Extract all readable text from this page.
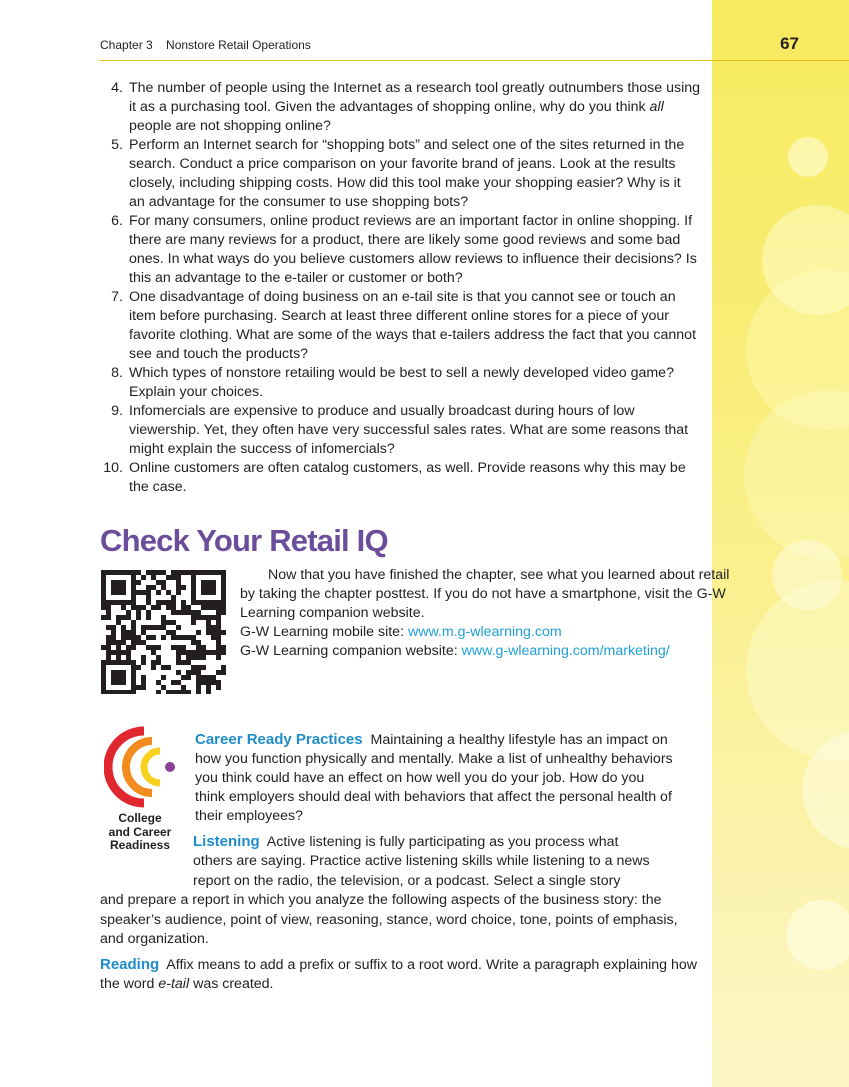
Chapter 3 Nonstore Retail Operations	67
4. The number of people using the Internet as a research tool greatly outnumbers those using it as a purchasing tool. Given the advantages of shopping online, why do you think all people are not shopping online?
5. Perform an Internet search for “shopping bots” and select one of the sites returned in the search. Conduct a price comparison on your favorite brand of jeans. Look at the results closely, including shipping costs. How did this tool make your shopping easier? Why is it an advantage for the consumer to use shopping bots?
6. For many consumers, online product reviews are an important factor in online shopping. If there are many reviews for a product, there are likely some good reviews and some bad ones. In what ways do you believe customers allow reviews to influence their decisions? Is this an advantage to the e-tailer or customer or both?
7. One disadvantage of doing business on an e-tail site is that you cannot see or touch an item before purchasing. Search at least three different online stores for a piece of your favorite clothing. What are some of the ways that e-tailers address the fact that you cannot see and touch the products?
8. Which types of nonstore retailing would be best to sell a newly developed video game? Explain your choices.
9. Infomercials are expensive to produce and usually broadcast during hours of low viewership. Yet, they often have very successful sales rates. What are some reasons that might explain the success of infomercials?
10. Online customers are often catalog customers, as well. Provide reasons why this may be the case.
Check Your Retail IQ

Now that you have finished the chapter, see what you learned about retail by taking the chapter posttest. If you do not have a smartphone, visit the G-W Learning companion website.

G-W Learning mobile site: www.m.g-wlearning.com

G-W Learning companion website: www.g-wlearning.com/marketing/

College
and Career
Readiness

Career Ready Practices Maintaining a healthy lifestyle has an impact on how you function physically and mentally. Make a list of unhealthy behaviors you think could have an effect on how well you do your job. How do you think employers should deal with behaviors that affect the personal health of their employees?

Listening Active listening is fully participating as you process what
others are saying. Practice active listening skills while listening to a news
report on the radio, the television, or a podcast. Select a single story
and prepare a report in which you analyze the following aspects of the business story: the speaker’s audience, point of view, reasoning, stance, word choice, tone, points of emphasis, and organization.

Reading Affix means to add a prefix or suffix to a root word. Write a paragraph explaining how the word e-tail was created.
